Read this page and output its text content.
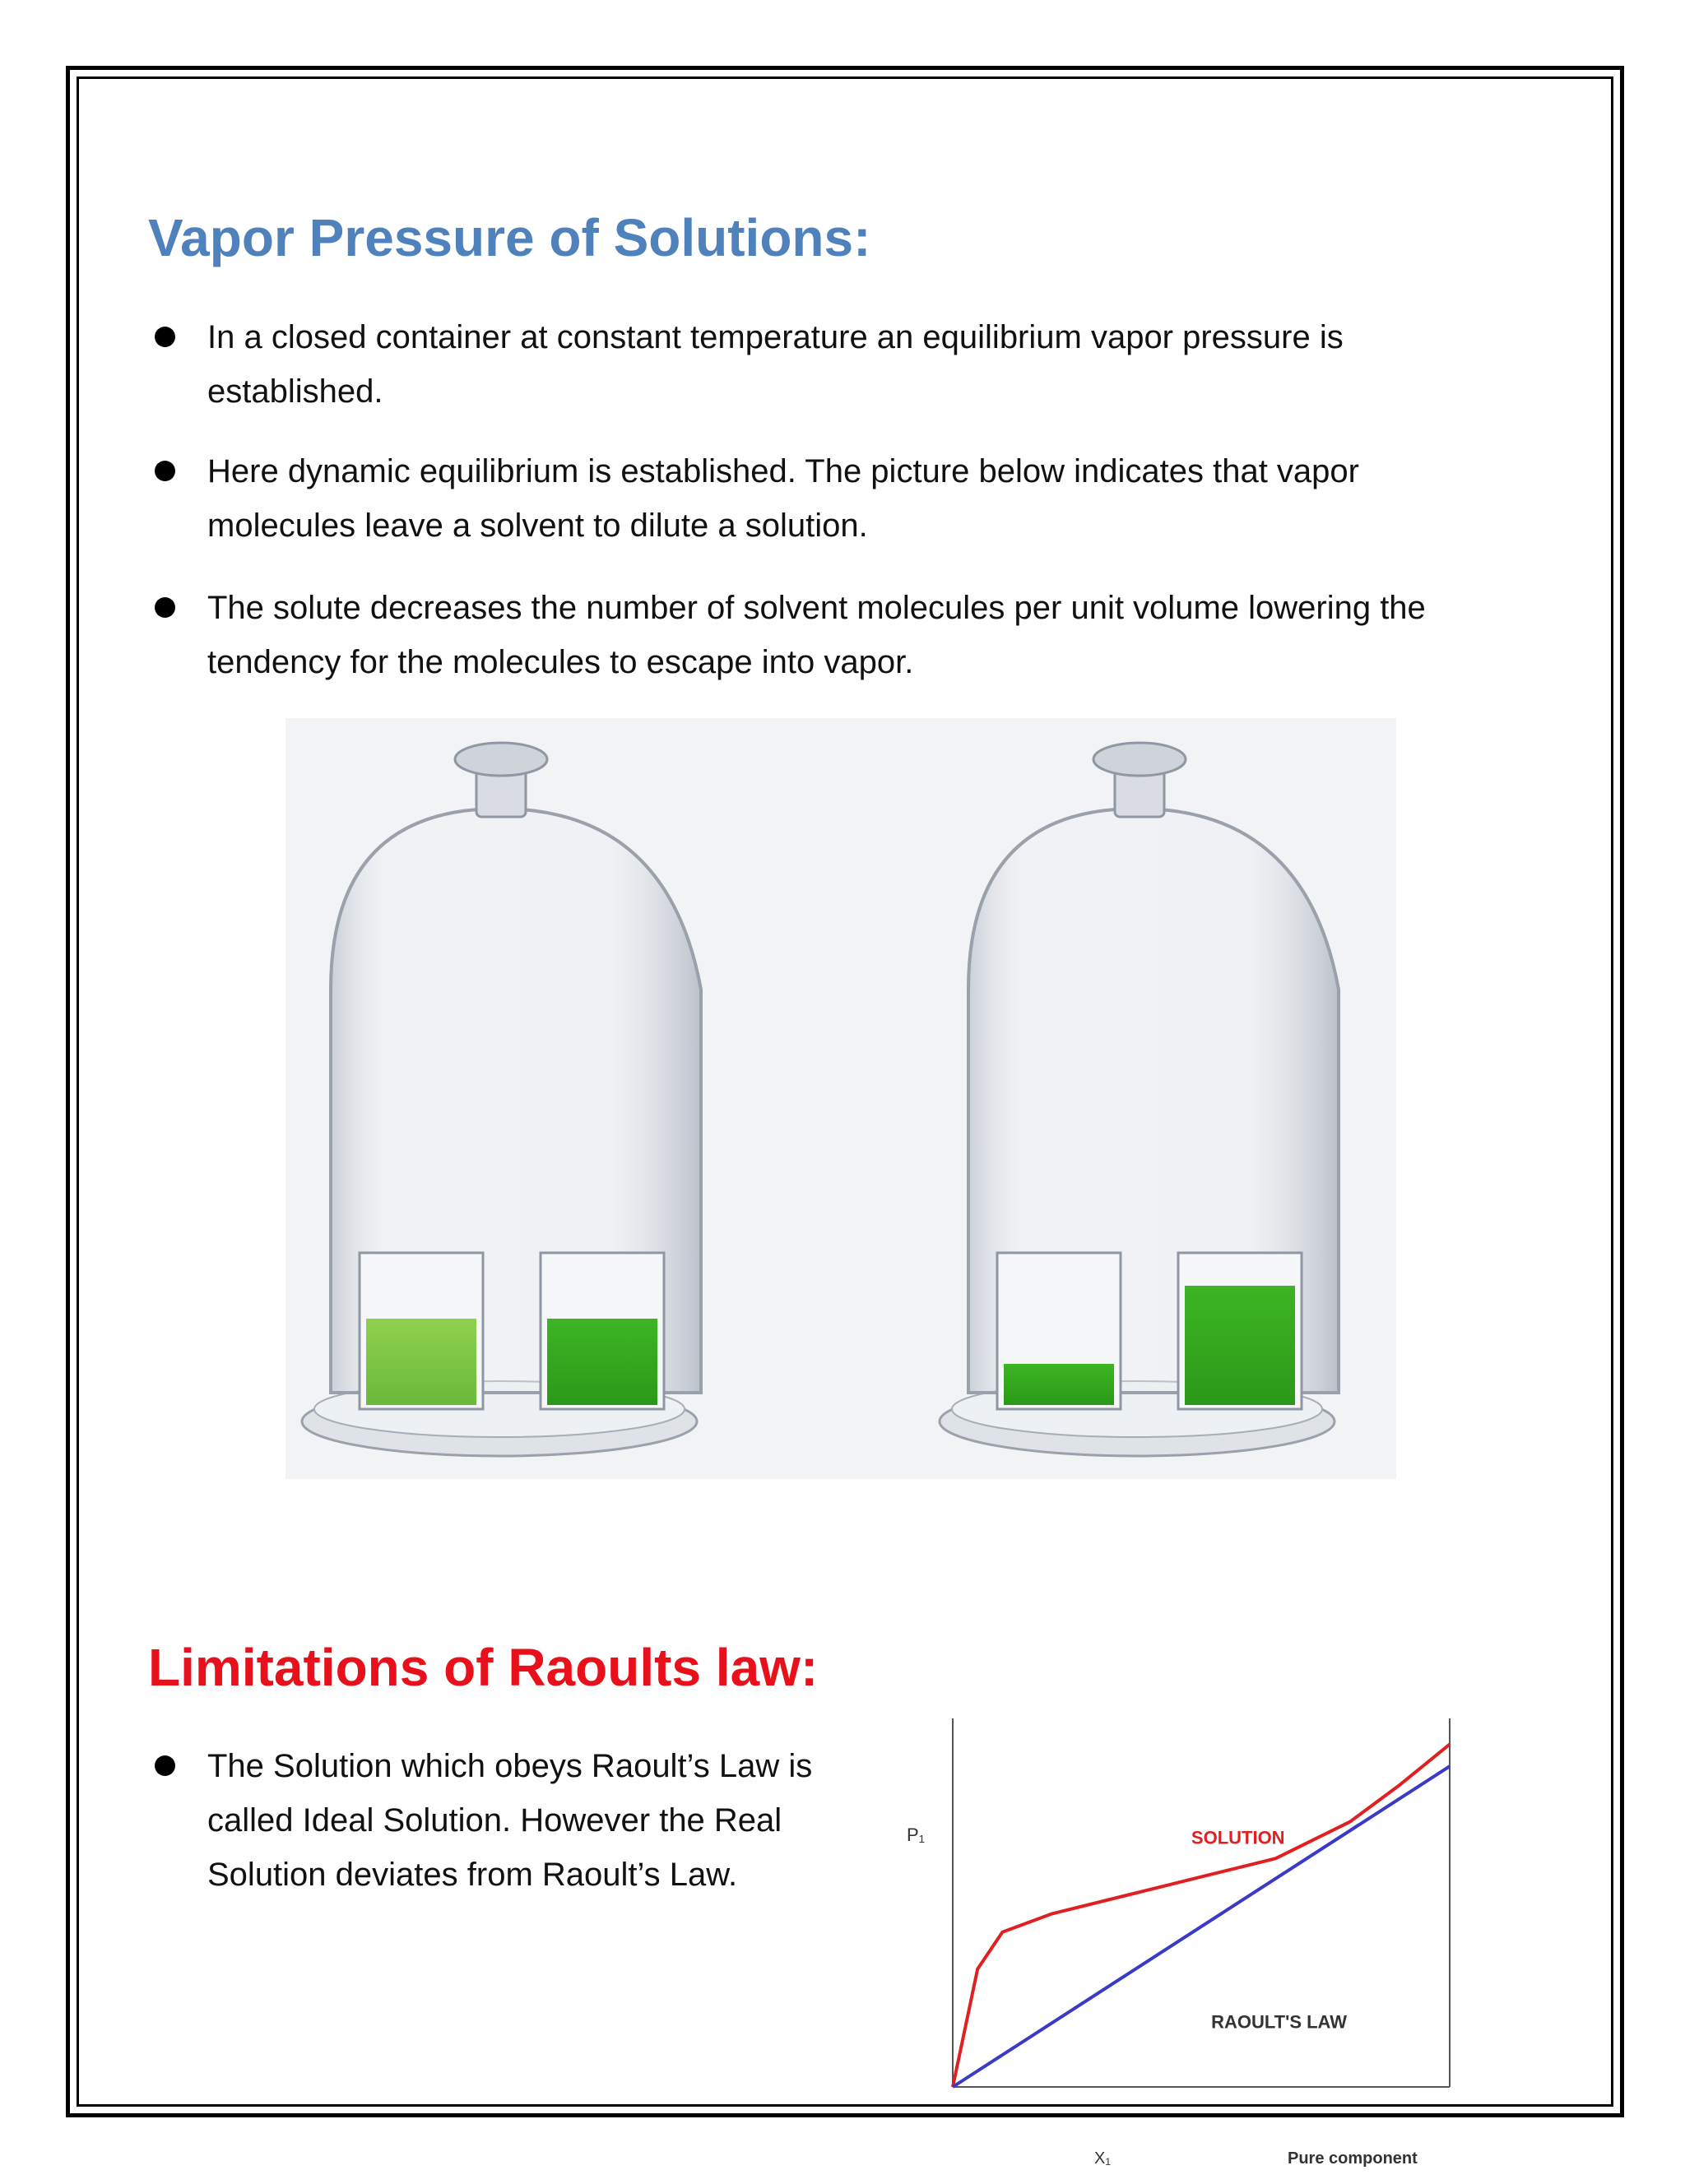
Vapor Pressure of Solutions:
In a closed container at constant temperature an equilibrium vapor pressure is established.
Here dynamic equilibrium is established. The picture below indicates that vapor molecules leave a solvent to dilute a solution.
The solute decreases the number of solvent molecules per unit volume lowering the tendency for the molecules to escape into vapor.
Limitations of Raoults law:
The Solution which obeys Raoult’s Law is called Ideal Solution. However the Real Solution deviates from Raoult’s Law.
SOLUTION
RAOULT'S LAW
P₁
X₁	Pure component
